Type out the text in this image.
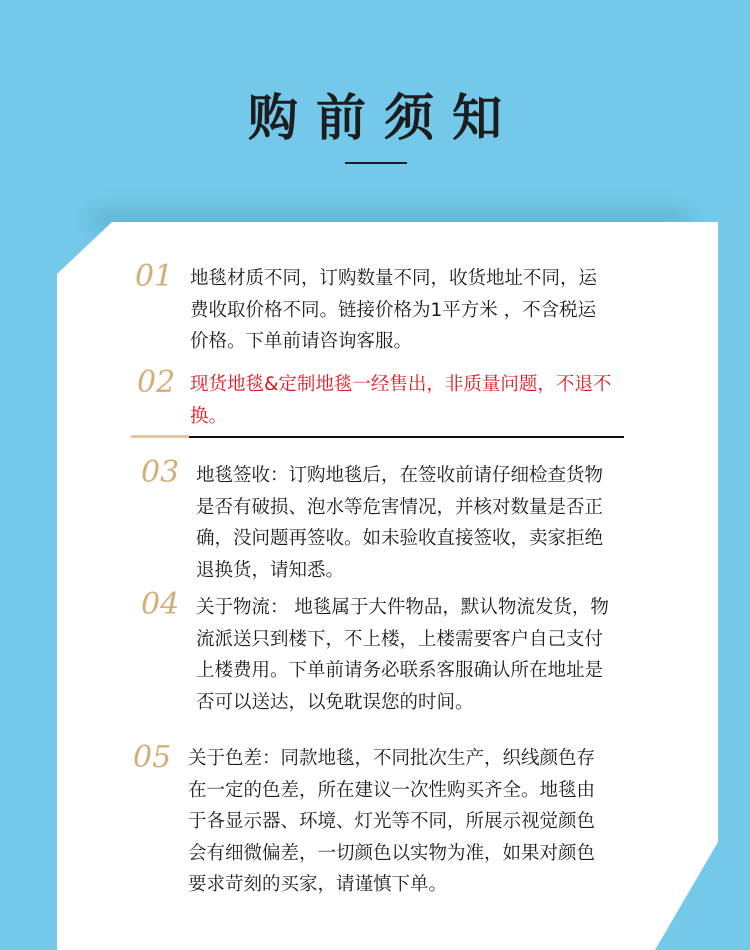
购前须知
01 地毯材质不同，订购数量不同，收货地址不同，运
费收取价格不同。链接价格为1平方米 ，不含税运
价格。下单前请咨询客服。
02 现货地毯&定制地毯一经售出，非质量问题，不退不
换。
03 地毯签收：订购地毯后，在签收前请仔细检查货物
是否有破损、泡水等危害情况，并核对数量是否正
确，没问题再签收。如未验收直接签收，卖家拒绝
退换货，请知悉。
04 关于物流： 地毯属于大件物品，默认物流发货，物
流派送只到楼下，不上楼，上楼需要客户自己支付
上楼费用。下单前请务必联系客服确认所在地址是
否可以送达，以免耽误您的时间。
05 关于色差：同款地毯，不同批次生产，织线颜色存
在一定的色差，所在建议一次性购买齐全。地毯由
于各显示器、环境、灯光等不同，所展示视觉颜色
会有细微偏差，一切颜色以实物为准，如果对颜色
要求苛刻的买家，请谨慎下单。
